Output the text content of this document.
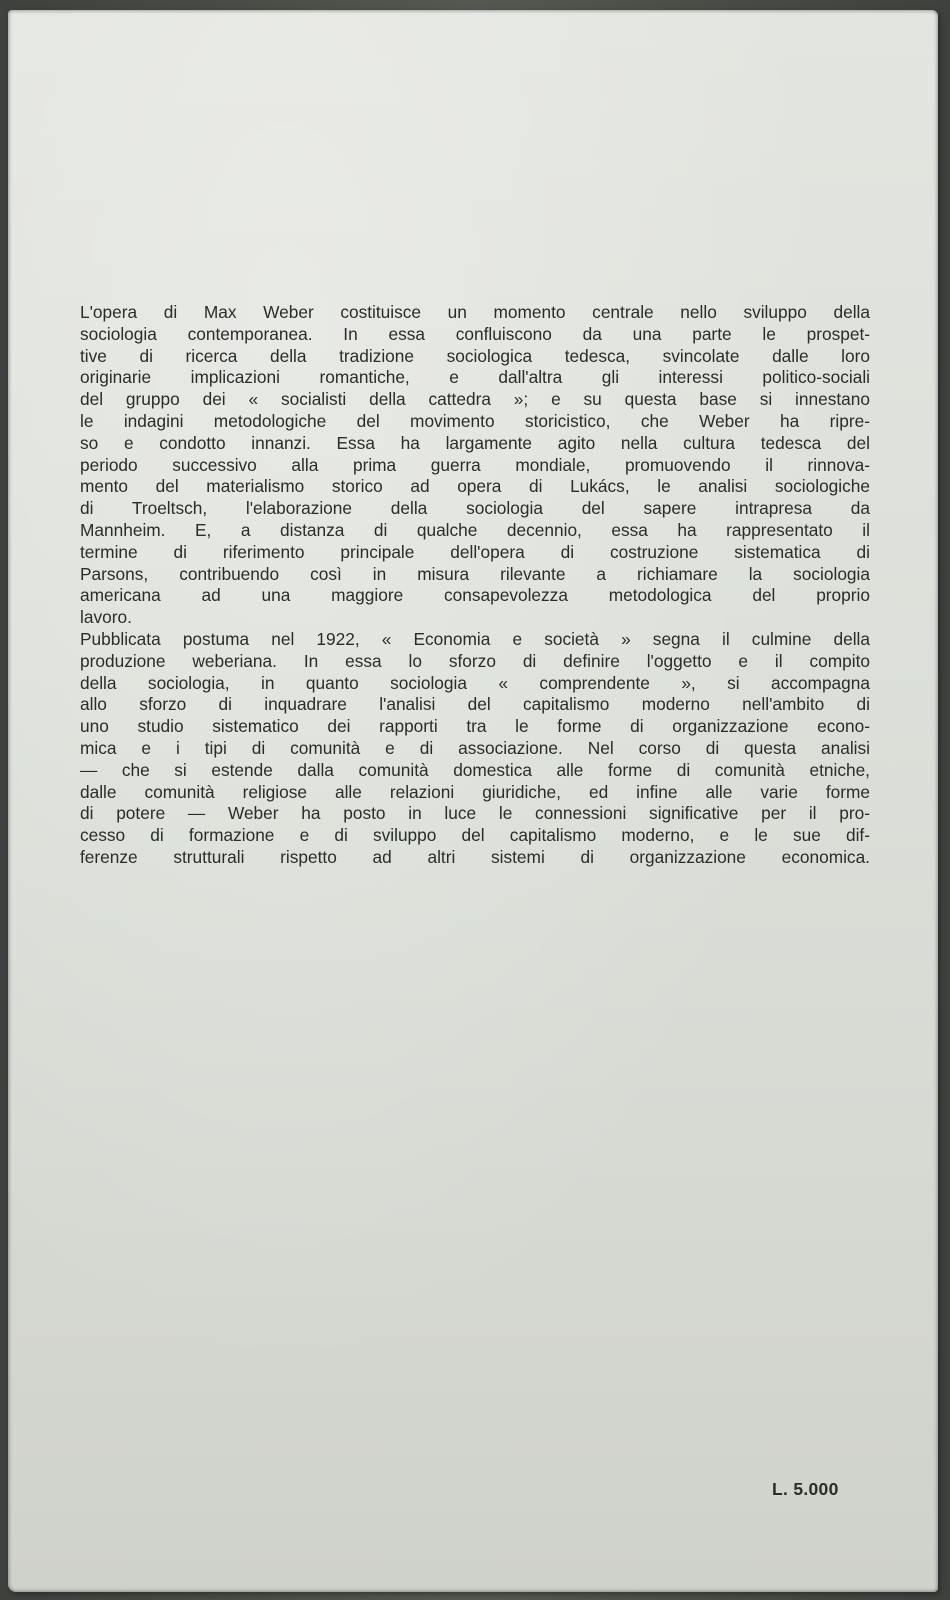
L'opera di Max Weber costituisce un momento centrale nello sviluppo della
sociologia contemporanea. In essa confluiscono da una parte le prospet-
tive di ricerca della tradizione sociologica tedesca, svincolate dalle loro
originarie implicazioni romantiche, e dall'altra gli interessi politico-sociali
del gruppo dei « socialisti della cattedra »; e su questa base si innestano
le indagini metodologiche del movimento storicistico, che Weber ha ripre-
so e condotto innanzi. Essa ha largamente agito nella cultura tedesca del
periodo successivo alla prima guerra mondiale, promuovendo il rinnova-
mento del materialismo storico ad opera di Lukács, le analisi sociologiche
di Troeltsch, l'elaborazione della sociologia del sapere intrapresa da
Mannheim. E, a distanza di qualche decennio, essa ha rappresentato il
termine di riferimento principale dell'opera di costruzione sistematica di
Parsons, contribuendo così in misura rilevante a richiamare la sociologia
americana ad una maggiore consapevolezza metodologica del proprio
lavoro.
Pubblicata postuma nel 1922, « Economia e società » segna il culmine della
produzione weberiana. In essa lo sforzo di definire l'oggetto e il compito
della sociologia, in quanto sociologia « comprendente », si accompagna
allo sforzo di inquadrare l'analisi del capitalismo moderno nell'ambito di
uno studio sistematico dei rapporti tra le forme di organizzazione econo-
mica e i tipi di comunità e di associazione. Nel corso di questa analisi
— che si estende dalla comunità domestica alle forme di comunità etniche,
dalle comunità religiose alle relazioni giuridiche, ed infine alle varie forme
di potere — Weber ha posto in luce le connessioni significative per il pro-
cesso di formazione e di sviluppo del capitalismo moderno, e le sue dif-
ferenze strutturali rispetto ad altri sistemi di organizzazione economica.
L. 5.000
